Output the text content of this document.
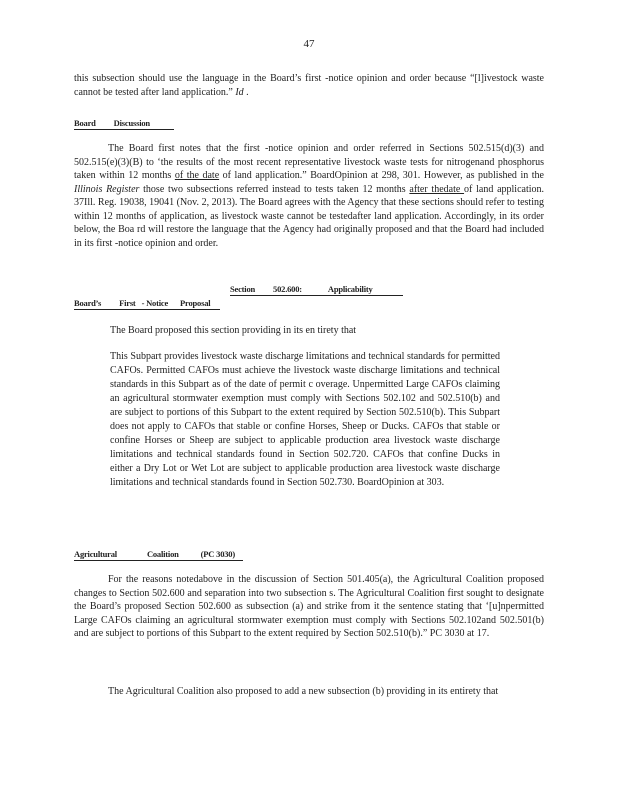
47
this subsection should use the language in the Board’s first -notice opinion and order because “[l]ivestock waste cannot be tested after land application.” Id .
Board Discussion
The Board first notes that the first -notice opinion and order referred in Sections 502.515(d)(3) and 502.515(e)(3)(B) to ‘the results of the most recent representative livestock waste tests for nitrogenand phosphorus taken within 12 months of the date of land application.” BoardOpinion at 298, 301. However, as published in the Illinois Register those two subsections referred instead to tests taken 12 months after thedate of land application. 37Ill. Reg. 19038, 19041 (Nov. 2, 2013). The Board agrees with the Agency that these sections should refer to testing within 12 months of application, as livestock waste cannot be testedafter land application. Accordingly, in its order below, the Boa rd will restore the language that the Agency had originally proposed and that the Board had included in its first -notice opinion and order.
Section 502.600:	Applicability
Board’s First - Notice Proposal
The Board proposed this section providing in its en tirety that
This Subpart provides livestock waste discharge limitations and technical standards for permitted CAFOs. Permitted CAFOs must achieve the livestock waste discharge limitations and technical standards in this Subpart as of the date of permit c overage. Unpermitted Large CAFOs claiming an agricultural stormwater exemption must comply with Sections 502.102 and 502.510(b) and are subject to portions of this Subpart to the extent required by Section 502.510(b). This Subpart does not apply to CAFOs that stable or confine Horses, Sheep or Ducks. CAFOs that stable or confine Horses or Sheep are subject to applicable production area livestock waste discharge limitations and technical standards found in Section 502.720. CAFOs that confine Ducks in either a Dry Lot or Wet Lot are subject to applicable production area livestock waste discharge limitations and technical standards found in Section 502.730. BoardOpinion at 303.
Agricultural	Coalition	(PC 3030)
For the reasons notedabove in the discussion of Section 501.405(a), the Agricultural Coalition proposed changes to Section 502.600 and separation into two subsection s. The Agricultural Coalition first sought to designate the Board’s proposed Section 502.600 as subsection (a) and strike from it the sentence stating that ‘[u]npermitted Large CAFOs claiming an agricultural stormwater exemption must comply with Sections 502.102and 502.501(b) and are subject to portions of this Subpart to the extent required by Section 502.510(b).” PC 3030 at 17.
The Agricultural Coalition also proposed to add a new subsection (b) providing in its entirety that
